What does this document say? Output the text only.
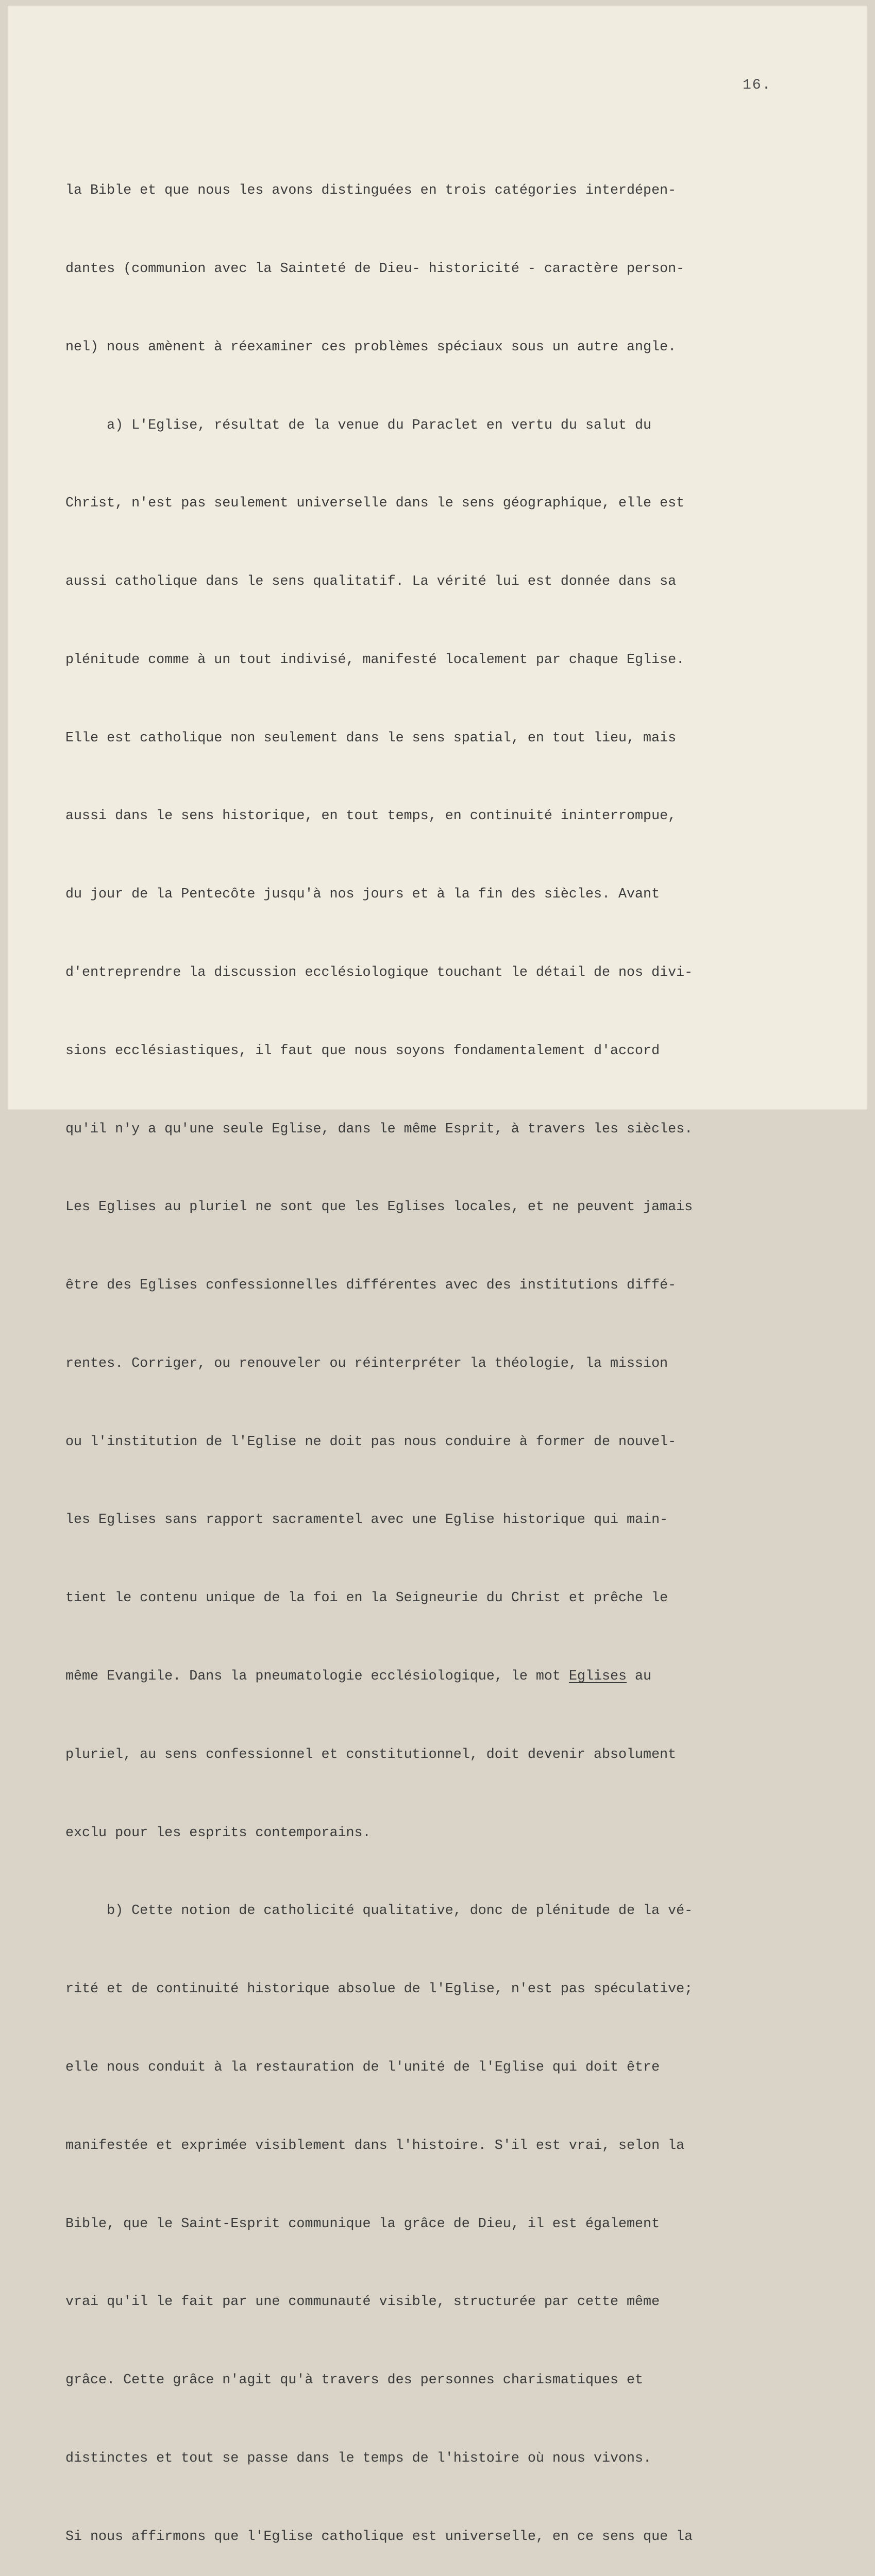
16.

la Bible et que nous les avons distinguées en trois catégories interdépen-

dantes (communion avec la Sainteté de Dieu- historicité - caractère person-

nel) nous amènent à réexaminer ces problèmes spéciaux sous un autre angle.

a) L'Eglise, résultat de la venue du Paraclet en vertu du salut du

Christ, n'est pas seulement universelle dans le sens géographique, elle est

aussi catholique dans le sens qualitatif. La vérité lui est donnée dans sa

plénitude comme à un tout indivisé, manifesté localement par chaque Eglise.

Elle est catholique non seulement dans le sens spatial, en tout lieu, mais

aussi dans le sens historique, en tout temps, en continuité ininterrompue,

du jour de la Pentecôte jusqu'à nos jours et à la fin des siècles. Avant

d'entreprendre la discussion ecclésiologique touchant le détail de nos divi-

sions ecclésiastiques, il faut que nous soyons fondamentalement d'accord

qu'il n'y a qu'une seule Eglise, dans le même Esprit, à travers les siècles.

Les Eglises au pluriel ne sont que les Eglises locales, et ne peuvent jamais

être des Eglises confessionnelles différentes avec des institutions diffé-

rentes. Corriger, ou renouveler ou réinterpréter la théologie, la mission

ou l'institution de l'Eglise ne doit pas nous conduire à former de nouvel-

les Eglises sans rapport sacramentel avec une Eglise historique qui main-

tient le contenu unique de la foi en la Seigneurie du Christ et prêche le

même Evangile. Dans la pneumatologie ecclésiologique, le mot Eglises au

pluriel, au sens confessionnel et constitutionnel, doit devenir absolument

exclu pour les esprits contemporains.

b) Cette notion de catholicité qualitative, donc de plénitude de la vé-

rité et de continuité historique absolue de l'Eglise, n'est pas spéculative;

elle nous conduit à la restauration de l'unité de l'Eglise qui doit être

manifestée et exprimée visiblement dans l'histoire. S'il est vrai, selon la

Bible, que le Saint-Esprit communique la grâce de Dieu, il est également

vrai qu'il le fait par une communauté visible, structurée par cette même

grâce. Cette grâce n'agit qu'à travers des personnes charismatiques et

distinctes et tout se passe dans le temps de l'histoire où nous vivons.

Si nous affirmons que l'Eglise catholique est universelle, en ce sens que la
